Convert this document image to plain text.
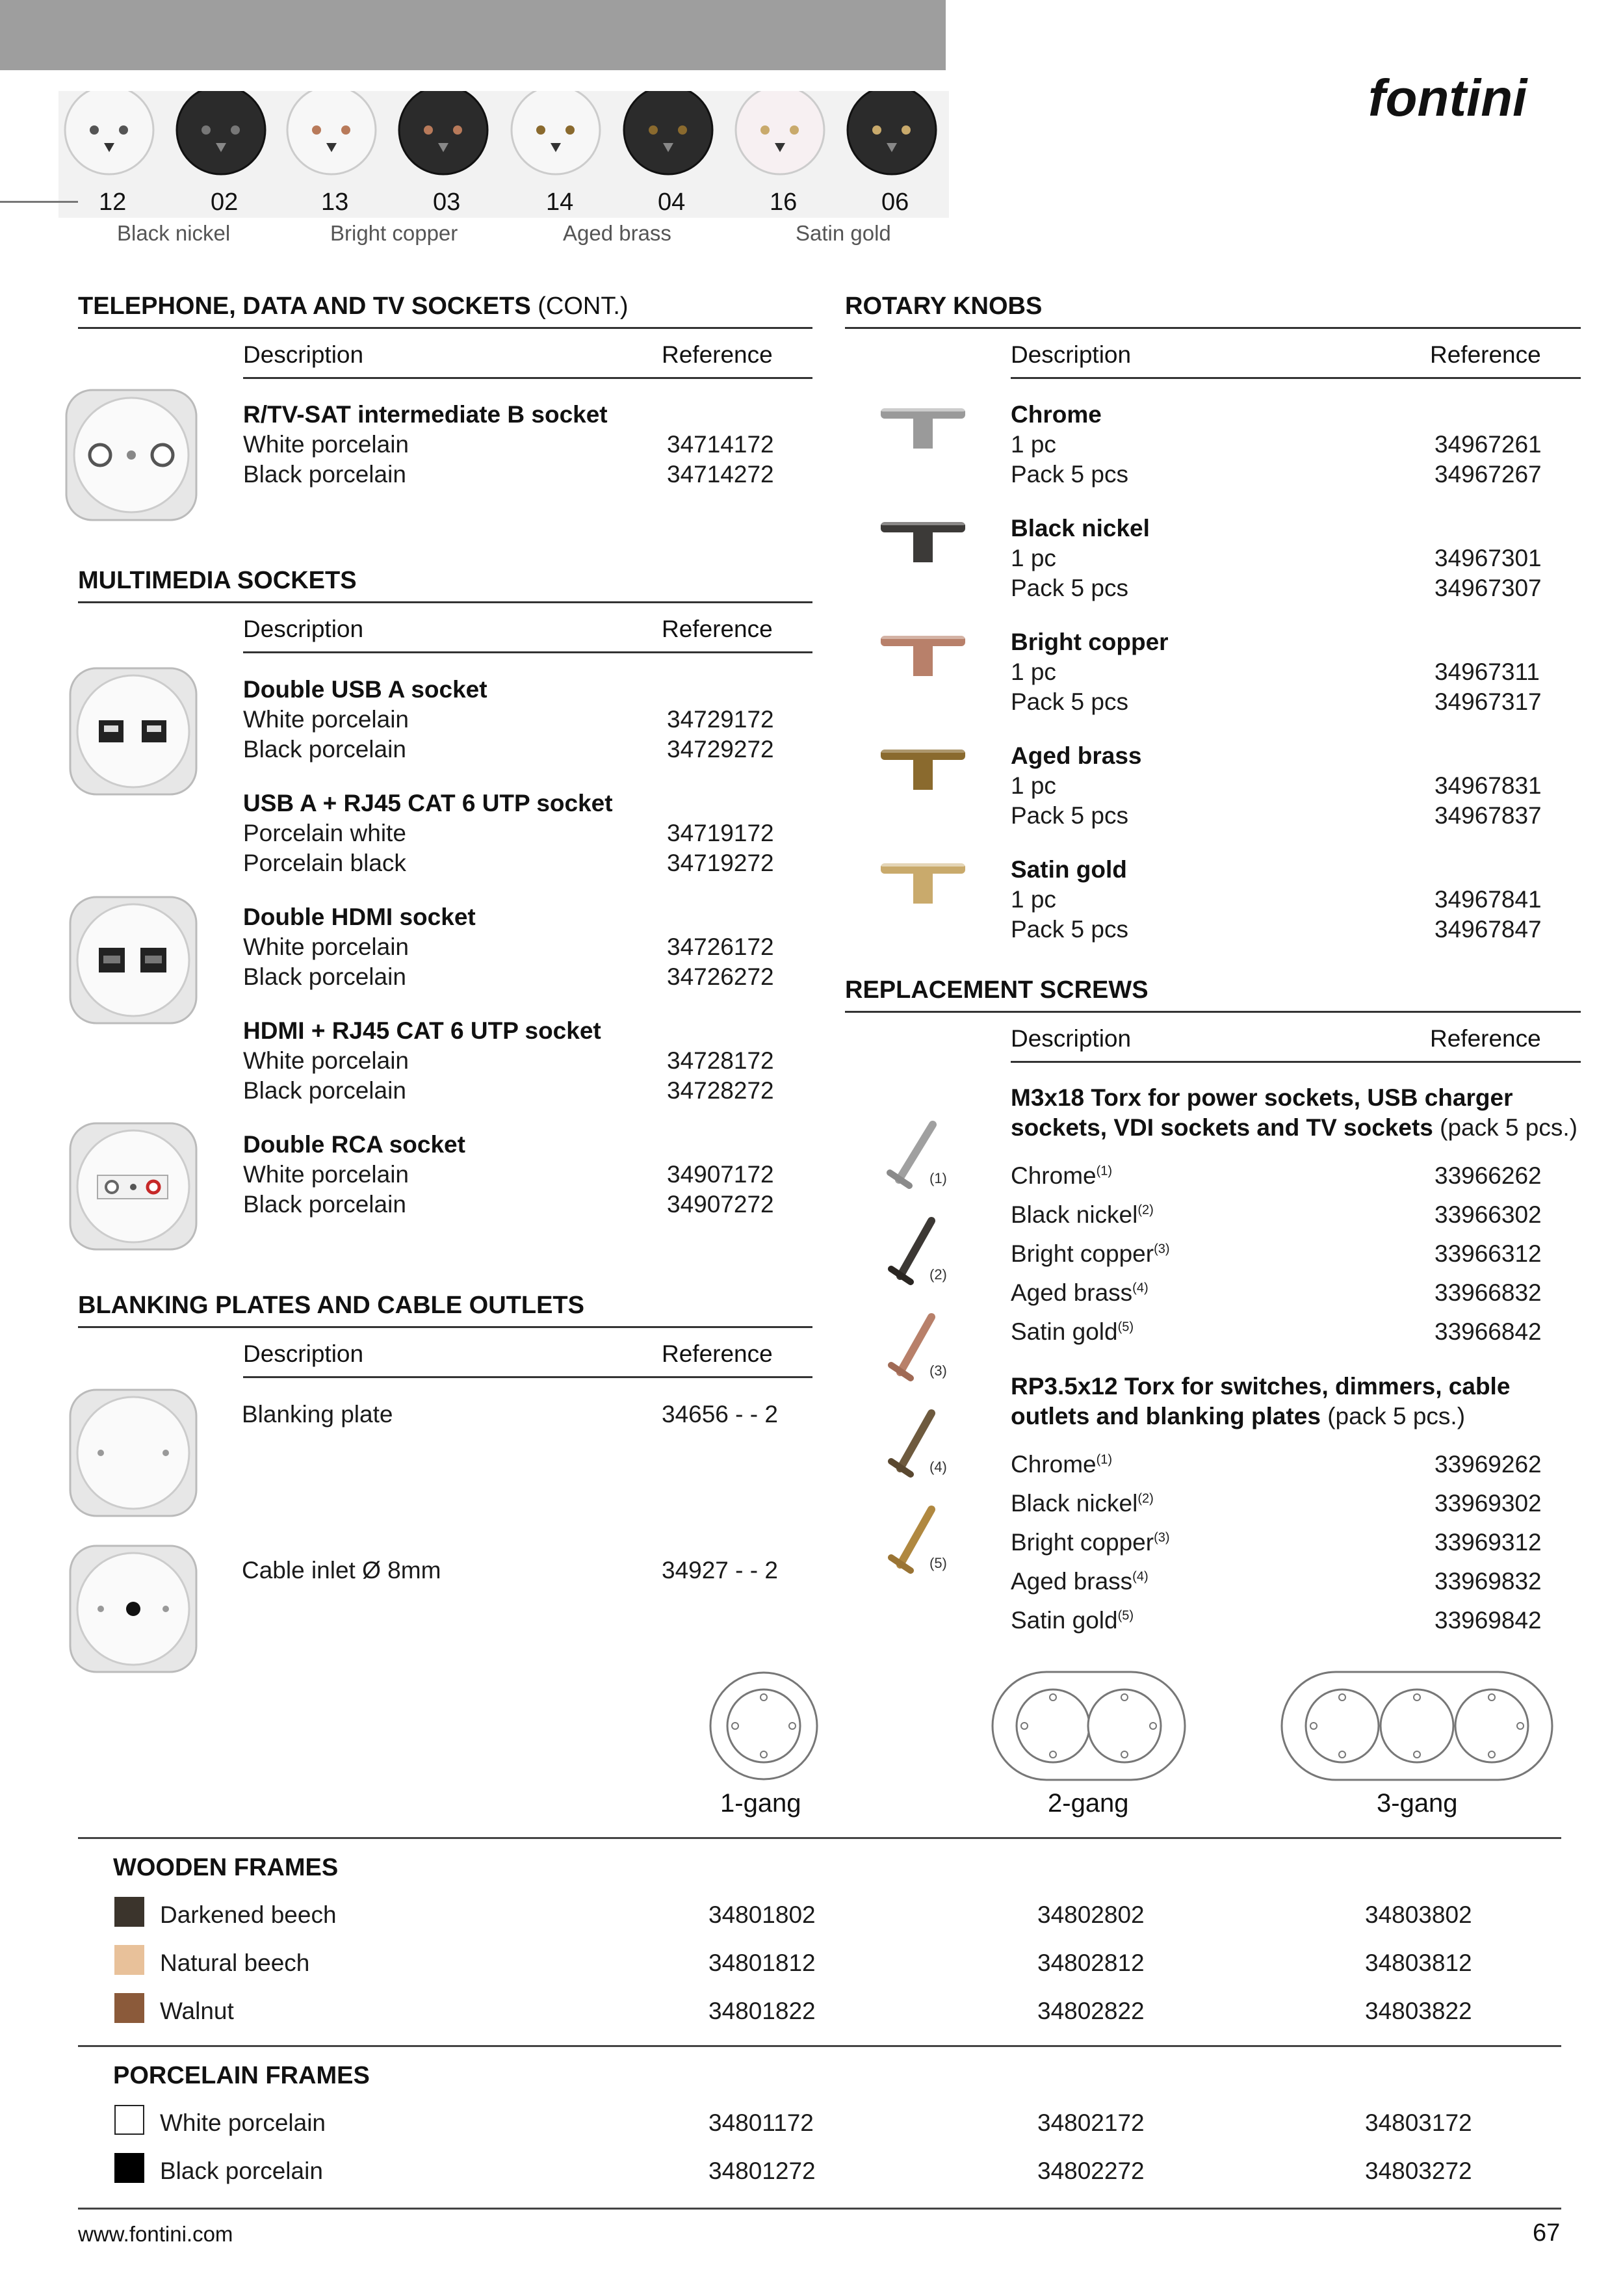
fontini
12	02	13	03	14	04	16	06
Black nickel	Bright copper	Aged brass	Satin gold
TELEPHONE, DATA AND TV SOCKETS (CONT.)
Description	Reference
R/TV-SAT intermediate B socket
White porcelain	34714172
Black porcelain	34714272
MULTIMEDIA SOCKETS
Description	Reference
Double USB A socket
White porcelain	34729172
Black porcelain	34729272
USB A + RJ45 CAT 6 UTP socket
Porcelain white	34719172
Porcelain black	34719272
Double HDMI socket
White porcelain	34726172
Black porcelain	34726272
HDMI + RJ45 CAT 6 UTP socket
White porcelain	34728172
Black porcelain	34728272
Double RCA socket
White porcelain	34907172
Black porcelain	34907272
BLANKING PLATES AND CABLE OUTLETS
Description	Reference
Blanking plate	34656 - - 2
Cable inlet Ø 8mm	34927 - - 2
ROTARY KNOBS
Description	Reference
Chrome
1 pc	34967261
Pack 5 pcs	34967267
Black nickel
1 pc	34967301
Pack 5 pcs	34967307
Bright copper
1 pc	34967311
Pack 5 pcs	34967317
Aged brass
1 pc	34967831
Pack 5 pcs	34967837
Satin gold
1 pc	34967841
Pack 5 pcs	34967847
REPLACEMENT SCREWS
Description	Reference
M3x18 Torx for power sockets, USB charger
sockets, VDI sockets and TV sockets (pack 5 pcs.)
Chrome$^{(1)}$	33966262
Black nickel$^{(2)}$	33966302
Bright copper$^{(3)}$	33966312
Aged brass$^{(4)}$	33966832
Satin gold$^{(5)}$	33966842
RP3.5x12 Torx for switches, dimmers, cable
outlets and blanking plates (pack 5 pcs.)
Chrome$^{(1)}$	33969262
Black nickel$^{(2)}$	33969302
Bright copper$^{(3)}$	33969312
Aged brass$^{(4)}$	33969832
Satin gold$^{(5)}$	33969842
(1)
(2)
(3)
(4)
(5)
1-gang	2-gang	3-gang
WOODEN FRAMES
Darkened beech	34801802	34802802	34803802
Natural beech	34801812	34802812	34803812
Walnut	34801822	34802822	34803822
PORCELAIN FRAMES
White porcelain	34801172	34802172	34803172
Black porcelain	34801272	34802272	34803272
www.fontini.com	67
